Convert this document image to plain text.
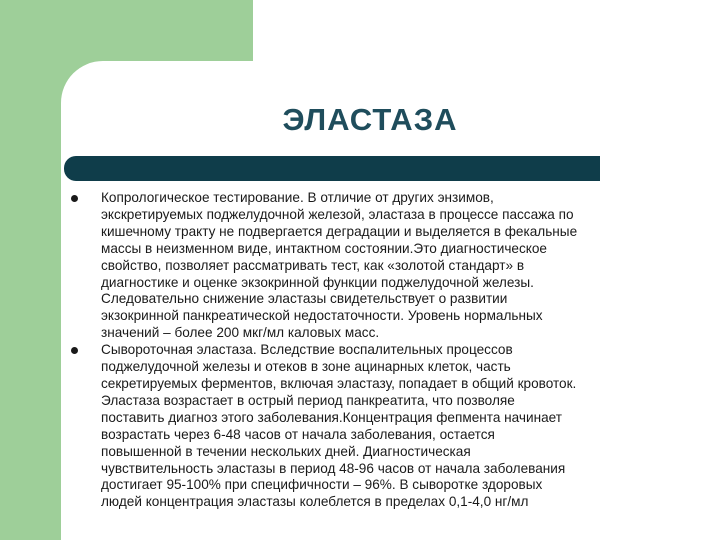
ЭЛАСТАЗА
Копрологическое тестирование. В отличие от других энзимов,
экскретируемых поджелудочной железой, эластаза в процессе пассажа по
кишечному тракту не подвергается деградации и выделяется в фекальные
массы в неизменном виде, интактном состоянии.Это диагностическое
свойство, позволяет рассматривать тест, как «золотой стандарт» в
диагностике и оценке экзокринной функции поджелудочной железы.
Следовательно снижение эластазы свидетельствует о развитии
экзокринной панкреатической недостаточности. Уровень нормальных
значений – более 200 мкг/мл каловых масс.
Сывороточная эластаза. Вследствие воспалительных процессов
поджелудочной железы и отеков в зоне ацинарных клеток, часть
секретируемых ферментов, включая эластазу, попадает в общий кровоток.
Эластаза возрастает в острый период панкреатита, что позволяе
поставить диагноз этого заболевания.Концентрация фепмента начинает
возрастать через 6-48 часов от начала заболевания, остается
повышенной в течении нескольких дней. Диагностическая
чувствительность эластазы в период 48-96 часов от начала заболевания
достигает 95-100% при специфичности – 96%. В сыворотке здоровых
людей концентрация эластазы колеблется в пределах 0,1-4,0 нг/мл
